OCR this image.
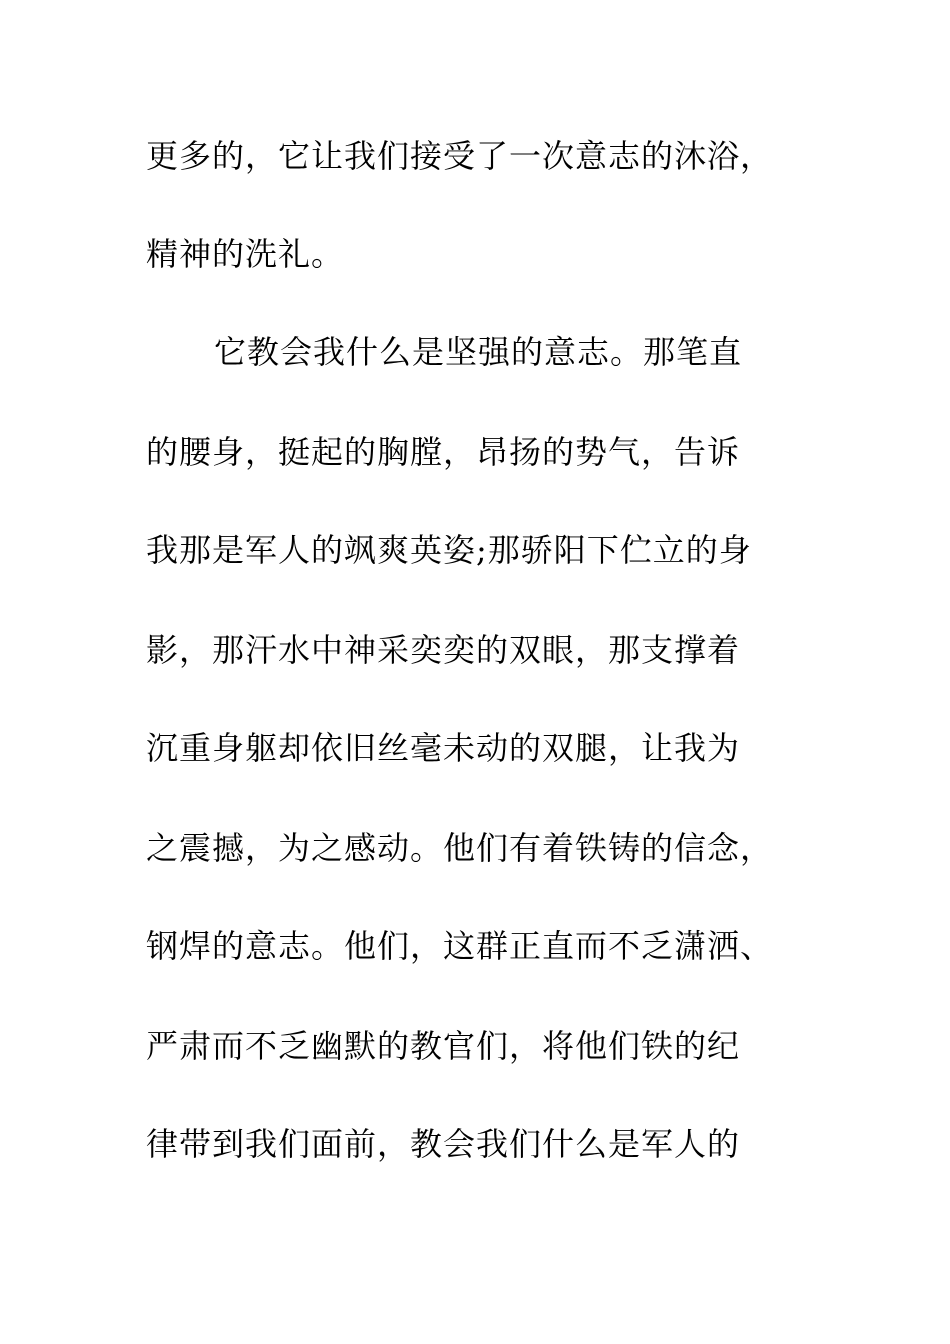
更多的，它让我们接受了一次意志的沐浴，
精神的洗礼。
它教会我什么是坚强的意志。那笔直
的腰身，挺起的胸膛，昂扬的势气，告诉
我那是军人的飒爽英姿;那骄阳下伫立的身
影，那汗水中神采奕奕的双眼，那支撑着
沉重身躯却依旧丝毫未动的双腿，让我为
之震撼，为之感动。他们有着铁铸的信念，
钢焊的意志。他们，这群正直而不乏潇洒、
严肃而不乏幽默的教官们，将他们铁的纪
律带到我们面前，教会我们什么是军人的
